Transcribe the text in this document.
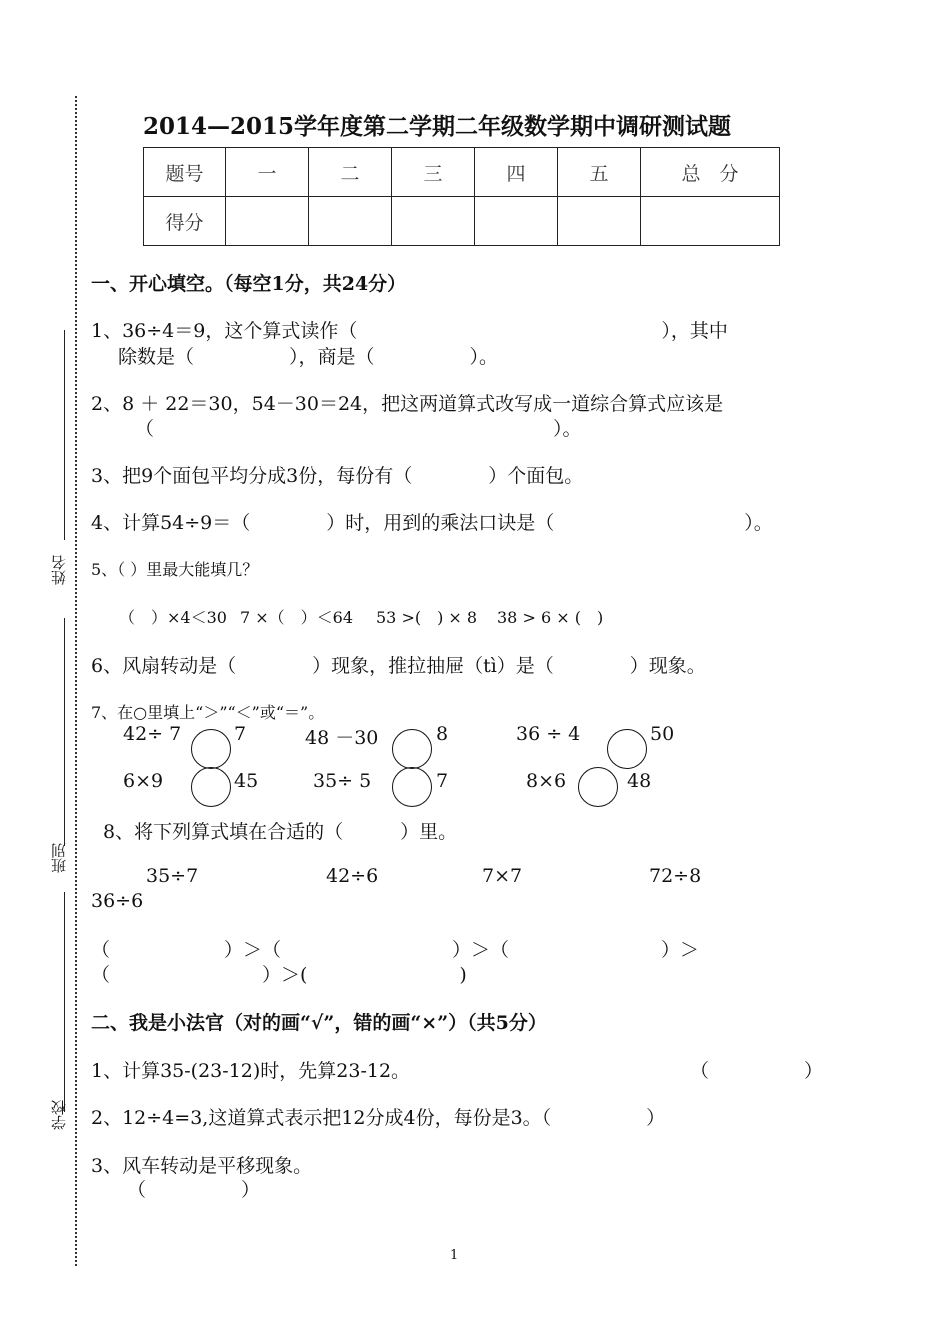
姓名
班別
学校
2014—2015学年度第二学期二年级数学期中调研测试题
题号	一	二	三	四	五	总　分
得分						
一、开心填空。（每空1分，共24分）
1、36÷4＝9，这个算式读作（　　　　　　　　　　　　　　　　），其中
除数是（　　　　　），商是（　　　　　）。
2、8 ＋ 22＝30，54－30＝24，把这两道算式改写成一道综合算式应该是
（　　　　　　　　　　　　　　　　　　　　　）。
3、把9个面包平均分成3份，每份有（　　　　）个面包。
4、计算54÷9＝（　　　　）时，用到的乘法口诀是（　　　　　　　　　　）。
5、（ ）里最大能填几？
（　）×4＜30 7 ×（　）＜64 53 >(　) × 8 38 > 6 × (　)
6、风扇转动是（　　　　）现象，推拉抽屉（tì）是（　　　　）现象。
7、在○里填上“＞”“＜”或“＝”。
42÷ 7	7	48 －30	8	36 ÷ 4	50
6×9	45	35÷ 5	7	8×6	48
8、将下列算式填在合适的（　　　）里。
35÷7	42÷6	7×7	72÷8
36÷6
（　　　　　　）＞（　　　　　　　　　）＞（　　　　　　　　）＞
（　　　　　　　　）＞(　　　　　　　　)
二、我是小法官（对的画“√”，错的画“×”）（共5分）
1、计算35-(23-12)时，先算23-12。	（　　　　　）
2、12÷4=3,这道算式表示把12分成4份，每份是3。（　　　　　）
3、风车转动是平移现象。
（　　　　　）
1
